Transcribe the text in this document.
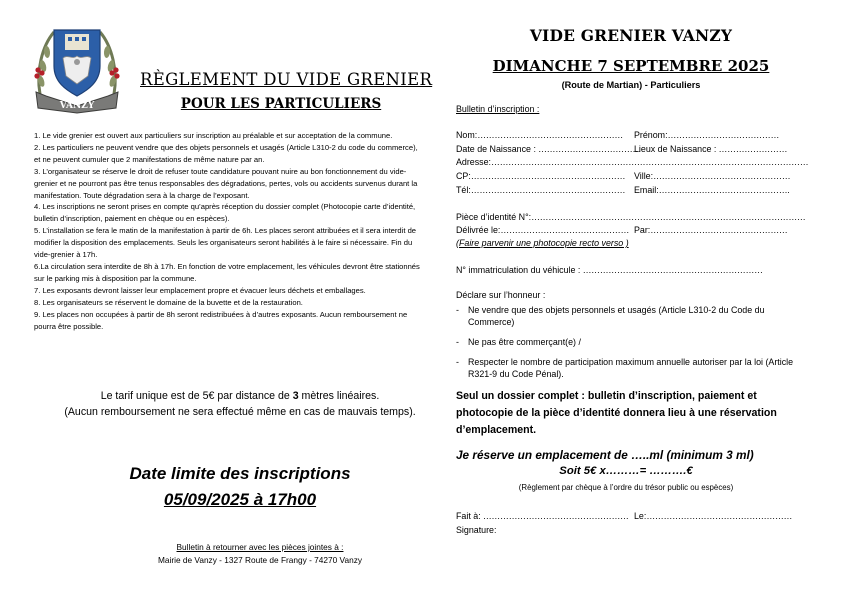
VANZY
RÈGLEMENT DU VIDE GRENIER
POUR LES PARTICULIERS

1. Le vide grenier est ouvert aux particuliers sur inscription au préalable et sur acceptation de la commune.

2. Les particuliers ne peuvent vendre que des objets personnels et usagés (Article L310-2 du code du commerce), et ne peuvent cumuler que 2 manifestations de même nature par an.

3. L’organisateur se réserve le droit de refuser toute candidature pouvant nuire au bon fonctionnement du vide-grenier et ne pourront pas être tenus responsables des dégradations, pertes, vols ou accidents survenus durant la manifestation. Toute dégradation sera à la charge de l’exposant.

4. Les inscriptions ne seront prises en compte qu’après réception du dossier complet (Photocopie carte d’identité, bulletin d’inscription, paiement en chèque ou en espèces).

5. L’installation se fera le matin de la manifestation à partir de 6h. Les places seront attribuées et il sera interdit de modifier la disposition des emplacements. Seuls les organisateurs seront habilités à le faire si nécessaire. Fin du vide-grenier à 17h.

6.La circulation sera interdite de 8h à 17h. En fonction de votre emplacement, les véhicules devront être stationnés sur le parking mis à disposition par la commune.

7. Les exposants devront laisser leur emplacement propre et évacuer leurs déchets et emballages.

8. Les organisateurs se réservent le domaine de la buvette et de la restauration.

9. Les places non occupées à partir de 8h seront redistribuées à d’autres exposants. Aucun remboursement ne pourra être possible.

Le tarif unique est de 5€ par distance de 3 mètres linéaires.

(Aucun remboursement ne sera effectué même en cas de mauvais temps).

Date limite des inscriptions
05/09/2025 à 17h00
Bulletin à retourner avec les pièces jointes à :
Mairie de Vanzy - 1327 Route de Frangy - 74270 Vanzy
VIDE GRENIER VANZY
DIMANCHE 7 SEPTEMBRE 2025
(Route de Martian) - Particuliers
Bulletin d’inscription :
Nom:…………………………………………… Prénom:…………………………………
Date de Naissance : ………………………………
Lieux de Naissance : ……………………
Adresse:…………………………………………………………………………………………………
CP:……………………………………………… Ville:…………………………………………
Tél:……………………………………………… Email:……………………………………….
Pièce d’identité N°:……………………………………………………………………………………
Délivrée le:……………………………………… Par:…………………………………………
(Faire parvenir une photocopie recto verso )
N° immatriculation du véhicule : ………………………………………………………
Déclare sur l’honneur :
- Ne vendre que des objets personnels et usagés (Article L310-2 du Code du Commerce)
- Ne pas être commerçant(e) /
- Respecter le nombre de participation maximum annuelle autoriser par la loi (Article R321-9 du Code Pénal).
Seul un dossier complet : bulletin d’inscription, paiement et photocopie de la pièce d’identité donnera lieu à une réservation d’emplacement.
Je réserve un emplacement de …..ml (minimum 3 ml)
Soit 5€ x………= ……….€
(Règlement par chèque à l’ordre du trésor public ou espèces)
Fait à: …………………………………………… Le:……………………………………………
Signature:
